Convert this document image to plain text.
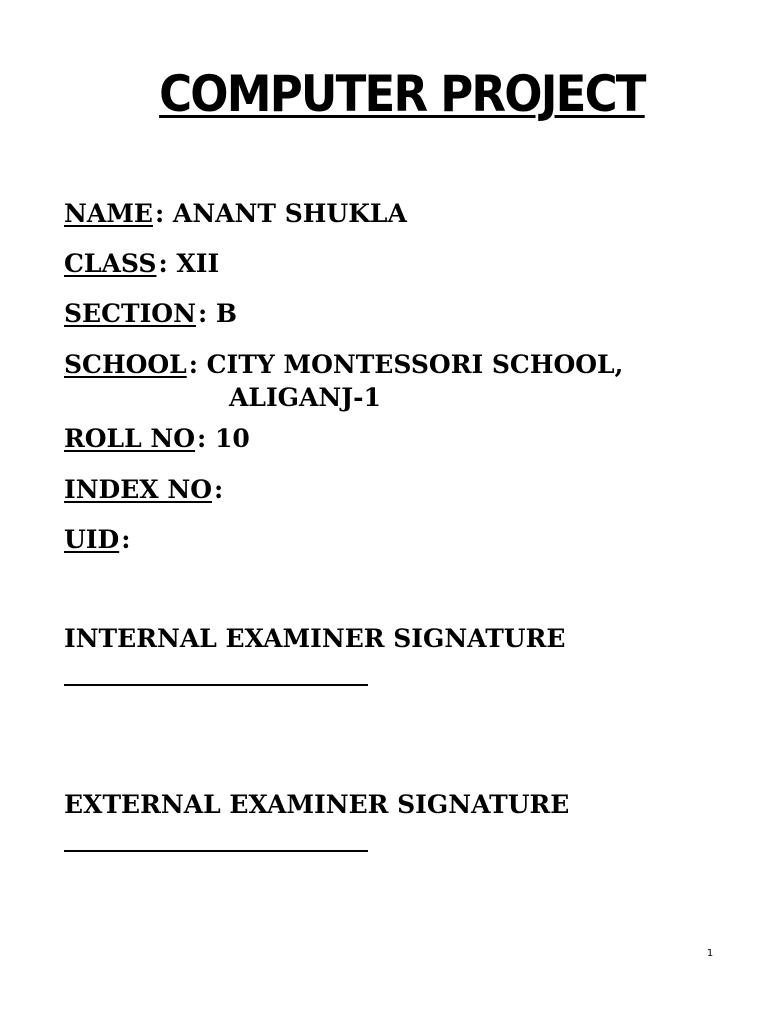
COMPUTER PROJECT
NAME: ANANT SHUKLA
CLASS: XII
SECTION: B
SCHOOL: CITY MONTESSORI SCHOOL,
ALIGANJ-1
ROLL NO: 10
INDEX NO:
UID:
INTERNAL EXAMINER SIGNATURE
EXTERNAL EXAMINER SIGNATURE
1
